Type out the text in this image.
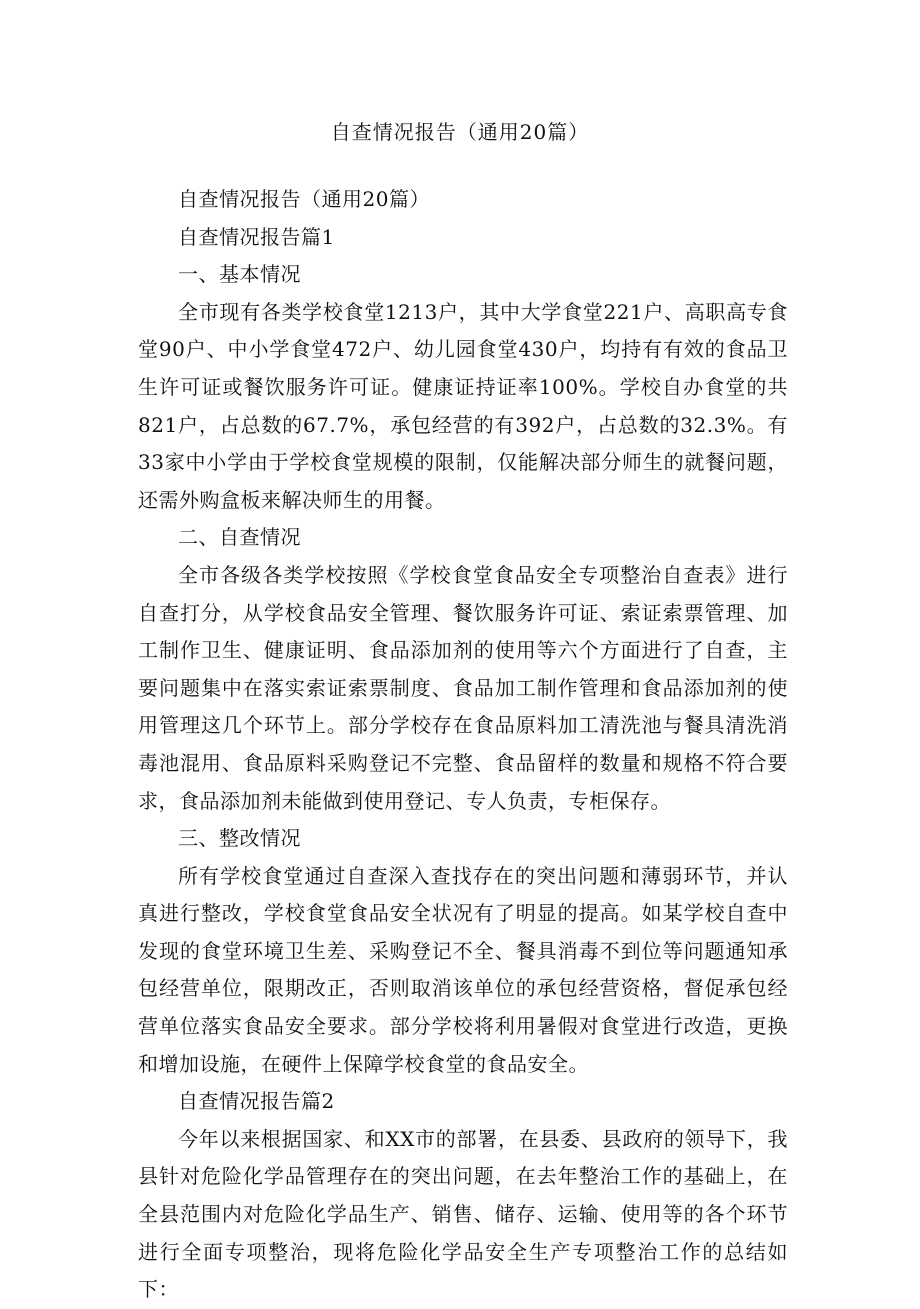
自查情况报告（通用20篇）

自查情况报告（通用20篇）

自查情况报告篇1

一、基本情况

全市现有各类学校食堂1213户，其中大学食堂221户、高职高专食堂90户、中小学食堂472户、幼儿园食堂430户，均持有有效的食品卫生许可证或餐饮服务许可证。健康证持证率100%。学校自办食堂的共821户，占总数的67.7%，承包经营的有392户，占总数的32.3%。有33家中小学由于学校食堂规模的限制，仅能解决部分师生的就餐问题，还需外购盒板来解决师生的用餐。

二、自查情况

全市各级各类学校按照《学校食堂食品安全专项整治自查表》进行自查打分，从学校食品安全管理、餐饮服务许可证、索证索票管理、加工制作卫生、健康证明、食品添加剂的使用等六个方面进行了自查，主要问题集中在落实索证索票制度、食品加工制作管理和食品添加剂的使用管理这几个环节上。部分学校存在食品原料加工清洗池与餐具清洗消毒池混用、食品原料采购登记不完整、食品留样的数量和规格不符合要求，食品添加剂未能做到使用登记、专人负责，专柜保存。

三、整改情况

所有学校食堂通过自查深入查找存在的突出问题和薄弱环节，并认真进行整改，学校食堂食品安全状况有了明显的提高。如某学校自查中发现的食堂环境卫生差、采购登记不全、餐具消毒不到位等问题通知承包经营单位，限期改正，否则取消该单位的承包经营资格，督促承包经营单位落实食品安全要求。部分学校将利用暑假对食堂进行改造，更换和增加设施，在硬件上保障学校食堂的食品安全。

自查情况报告篇2

今年以来根据国家、和XX市的部署，在县委、县政府的领导下，我县针对危险化学品管理存在的突出问题，在去年整治工作的基础上，在全县范围内对危险化学品生产、销售、储存、运输、使用等的各个环节进行全面专项整治，现将危险化学品安全生产专项整治工作的总结如下：
